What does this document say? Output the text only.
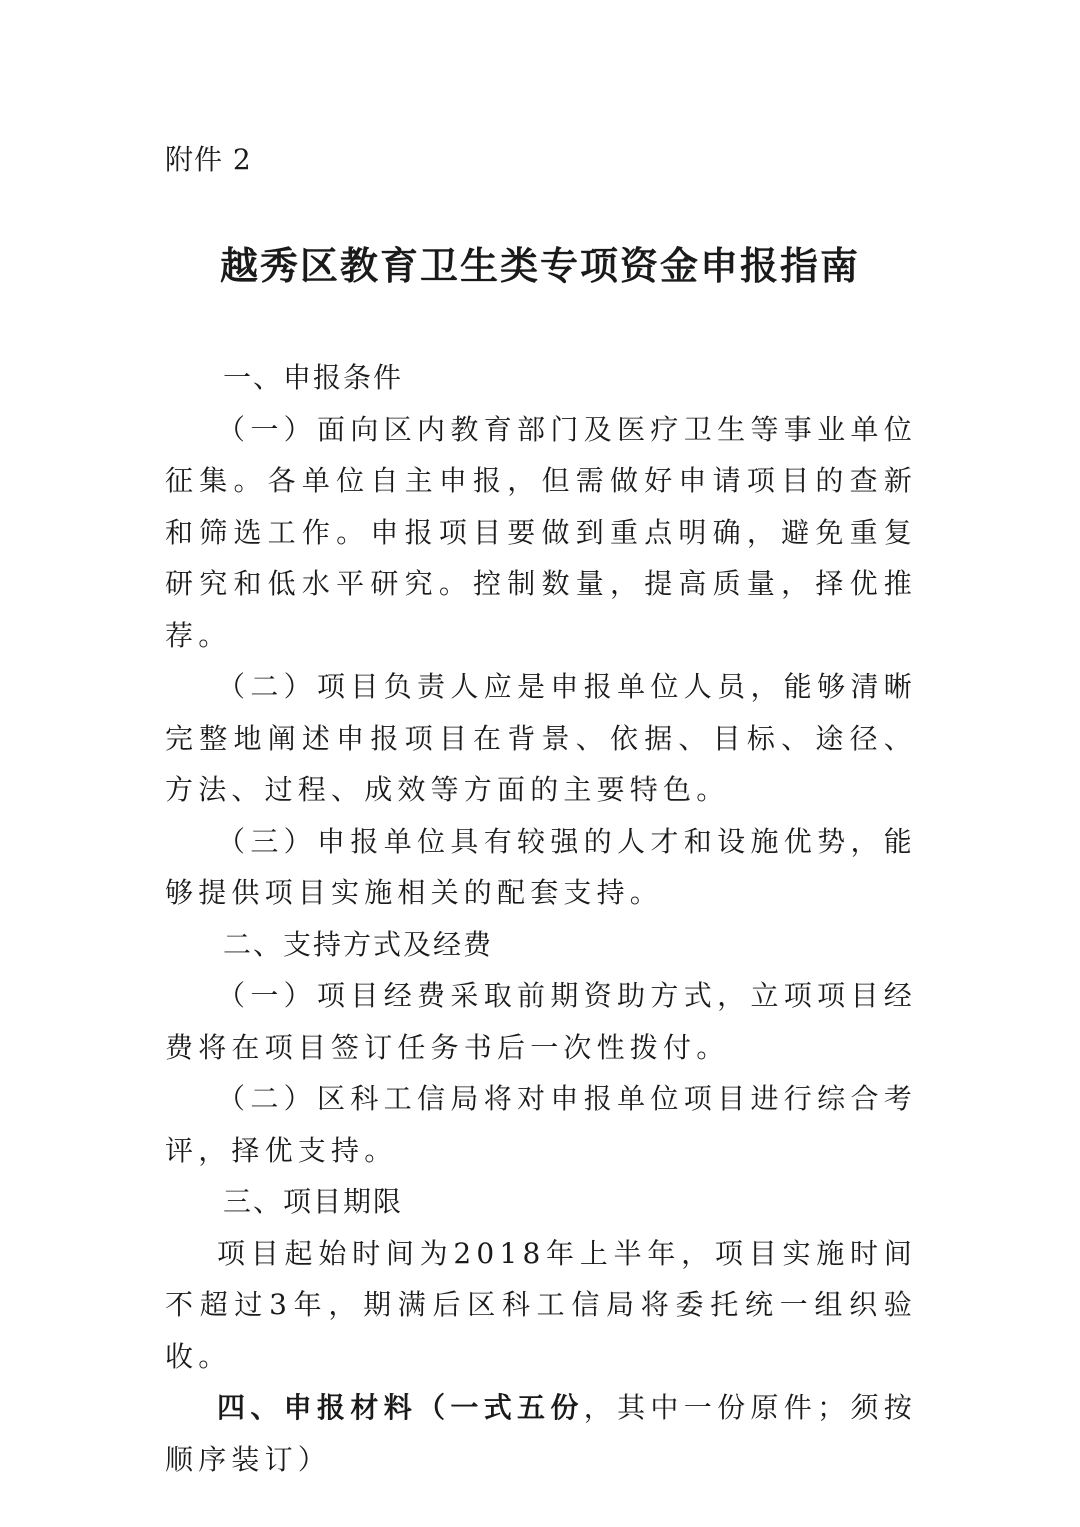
附件 2
越秀区教育卫生类专项资金申报指南

一、申报条件

（一）面向区内教育部门及医疗卫生等事业单位征集。各单位自主申报，但需做好申请项目的查新和筛选工作。申报项目要做到重点明确，避免重复研究和低水平研究。控制数量，提高质量，择优推荐。

（二）项目负责人应是申报单位人员，能够清晰完整地阐述申报项目在背景、依据、目标、途径、方法、过程、成效等方面的主要特色。

（三）申报单位具有较强的人才和设施优势，能够提供项目实施相关的配套支持。

二、支持方式及经费

（一）项目经费采取前期资助方式，立项项目经费将在项目签订任务书后一次性拨付。

（二）区科工信局将对申报单位项目进行综合考评，择优支持。

三、项目期限

项目起始时间为2018年上半年，项目实施时间不超过3年，期满后区科工信局将委托统一组织验收。

四、申报材料（一式五份，其中一份原件；须按顺序装订）
